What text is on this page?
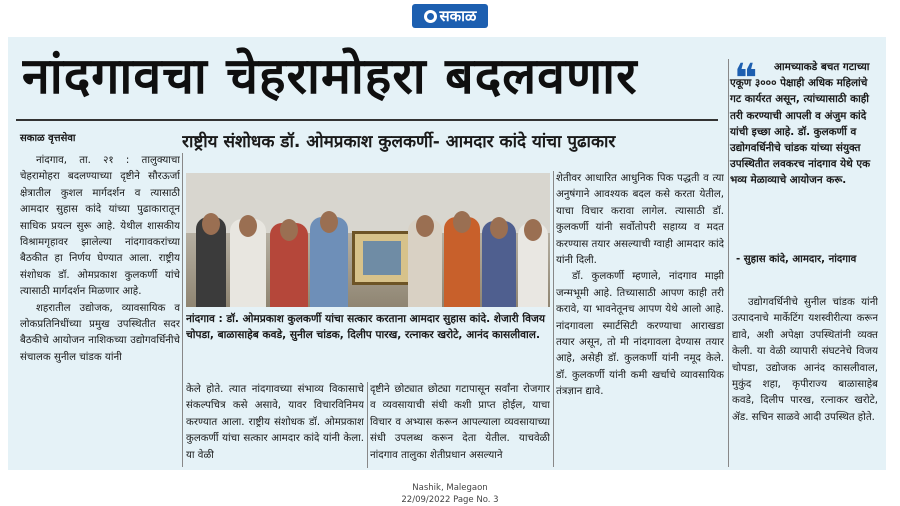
सकाळ
नांदगावचा चेहरामोहरा बदलवणार
सकाळ वृत्तसेवा	राष्ट्रीय संशोधक डॉ. ओमप्रकाश कुलकर्णी- आमदार कांदे यांचा पुढाकार

नांदगाव, ता. २१ : तालुक्याचा चेहरामोहरा बदलण्याच्या दृष्टीने सौरऊर्जा क्षेत्रातील कुशल मार्गदर्शन व त्यासाठी आमदार सुहास कांदे यांच्या पुढाकारातून साधिक प्रयत्न सुरू आहे. येथील शासकीय विश्रामगृहावर झालेल्या नांदगावकरांच्या बैठकीत हा निर्णय घेण्यात आला. राष्ट्रीय संशोधक डॉ. ओमप्रकाश कुलकर्णी यांचे त्यासाठी मार्गदर्शन मिळणार आहे.

शहरातील उद्योजक, व्यावसायिक व लोकप्रतिनिधींच्या प्रमुख उपस्थितीत सदर बैठकीचे आयोजन नाशिकच्या उद्योगवर्धिनीचे संचालक सुनील चांडक यांनी

नांदगाव : डॉ. ओमप्रकाश कुलकर्णी यांचा सत्कार करताना आमदार सुहास कांदे. शेजारी विजय चोपडा, बाळासाहेब कवडे, सुनील चांडक, दिलीप पारख, रत्नाकर खरोटे, आनंद कासलीवाल.

केले होते. त्यात नांदगावच्या संभाव्य विकासाचे संकल्पचित्र कसे असावे, यावर विचारविनिमय करण्यात आला. राष्ट्रीय संशोधक डॉ. ओमप्रकाश कुलकर्णी यांचा सत्कार आमदार कांदे यांनी केला. या वेळी

दृष्टीने छोट्यात छोट्या गटापासून सर्वांना रोजगार व व्यवसायाची संधी कशी प्राप्त होईल, याचा विचार व अभ्यास करून आपल्याला व्यवसायाच्या संधी उपलब्ध करून देता येतील. याचवेळी नांदगाव तालुका शेतीप्रधान असल्याने

शेतीवर आधारित आधुनिक पिक पद्धती व त्या अनुषंगाने आवश्यक बदल कसे करता येतील, याचा विचार करावा लागेल. त्यासाठी डॉ. कुलकर्णी यांनी सर्वोतोपरी सहाय्य व मदत करण्यास तयार असल्याची ग्वाही आमदार कांदे यांनी दिली.

डॉ. कुलकर्णी म्हणाले, नांदगाव माझी जन्मभूमी आहे. तिच्यासाठी आपण काही तरी करावे, या भावनेतूनच आपण येथे आलो आहे. नांदगावला स्मार्टसिटी करण्याचा आराखडा तयार असून, तो मी नांदगावला देण्यास तयार आहे, असेही डॉ. कुलकर्णी यांनी नमूद केले. डॉ. कुलकर्णी यांनी कमी खर्चाचे व्यावसायिक तंत्रज्ञान द्यावे.

❝	आमच्याकडे बचत गटाच्या एकूण ३००० पेक्षाही अधिक महिलांचे गट कार्यरत असून, त्यांच्यासाठी काही तरी करण्याची आपली व अंजुम कांदे यांची इच्छा आहे. डॉ. कुलकर्णी व उद्योगवर्धिनीचे चांडक यांच्या संयुक्त उपस्थितीत लवकरच नांदगाव येथे एक भव्य मेळाव्याचे आयोजन करू.
- सुहास कांदे, आमदार, नांदगाव

उद्योगवर्धिनीचे सुनील चांडक यांनी उत्पादनाचे मार्केटिंग यशस्वीरीत्या करून द्यावे, अशी अपेक्षा उपस्थितांनी व्यक्त केली. या वेळी व्यापारी संघटनेचे विजय चोपडा, उद्योजक आनंद कासलीवाल, मुकुंद शहा, कृपीराज्य बाळासाहेब कवडे, दिलीप पारख, रत्नाकर खरोटे, ॲड. सचिन साळवे आदी उपस्थित होते.

Nashik, Malegaon
22/09/2022 Page No. 3
